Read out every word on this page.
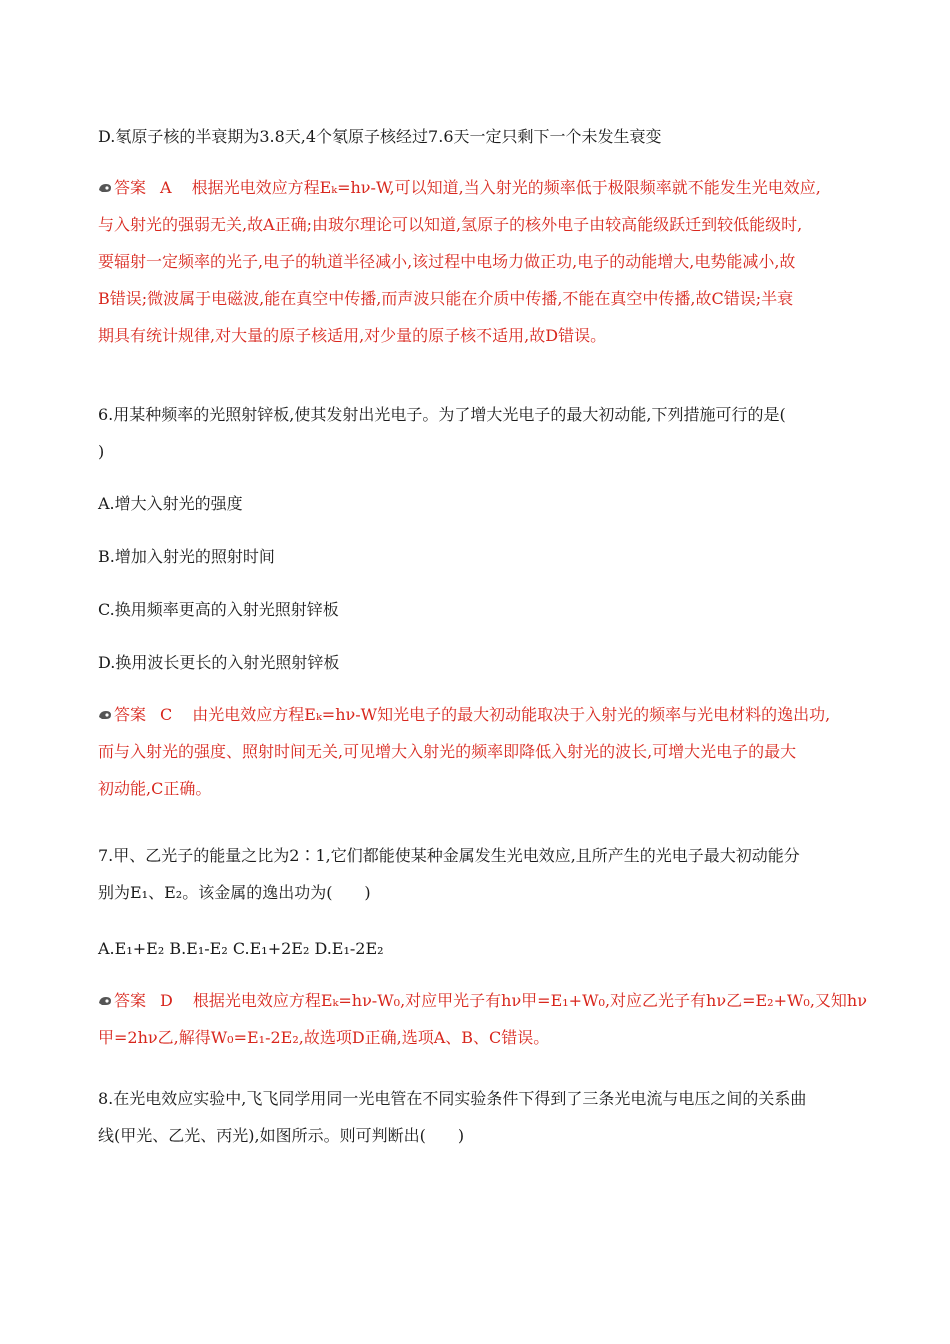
D.氡原子核的半衰期为3.8天,4个氡原子核经过7.6天一定只剩下一个未发生衰变
答案 A 根据光电效应方程Eₖ=hν-W,可以知道,当入射光的频率低于极限频率就不能发生光电效应,
与入射光的强弱无关,故A正确;由玻尔理论可以知道,氢原子的核外电子由较高能级跃迁到较低能级时,
要辐射一定频率的光子,电子的轨道半径减小,该过程中电场力做正功,电子的动能增大,电势能减小,故
B错误;微波属于电磁波,能在真空中传播,而声波只能在介质中传播,不能在真空中传播,故C错误;半衰
期具有统计规律,对大量的原子核适用,对少量的原子核不适用,故D错误。
6.用某种频率的光照射锌板,使其发射出光电子。为了增大光电子的最大初动能,下列措施可行的是(
)
A.增大入射光的强度
B.增加入射光的照射时间
C.换用频率更高的入射光照射锌板
D.换用波长更长的入射光照射锌板
答案 C 由光电效应方程Eₖ=hν-W知光电子的最大初动能取决于入射光的频率与光电材料的逸出功,
而与入射光的强度、照射时间无关,可见增大入射光的频率即降低入射光的波长,可增大光电子的最大
初动能,C正确。
7.甲、乙光子的能量之比为2∶1,它们都能使某种金属发生光电效应,且所产生的光电子最大初动能分
别为E₁、E₂。该金属的逸出功为(　　)
A.E₁+E₂ B.E₁-E₂ C.E₁+2E₂ D.E₁-2E₂
答案 D 根据光电效应方程Eₖ=hν-W₀,对应甲光子有hν甲=E₁+W₀,对应乙光子有hν乙=E₂+W₀,又知hν
甲=2hν乙,解得W₀=E₁-2E₂,故选项D正确,选项A、B、C错误。
8.在光电效应实验中,飞飞同学用同一光电管在不同实验条件下得到了三条光电流与电压之间的关系曲
线(甲光、乙光、丙光),如图所示。则可判断出(　　)
